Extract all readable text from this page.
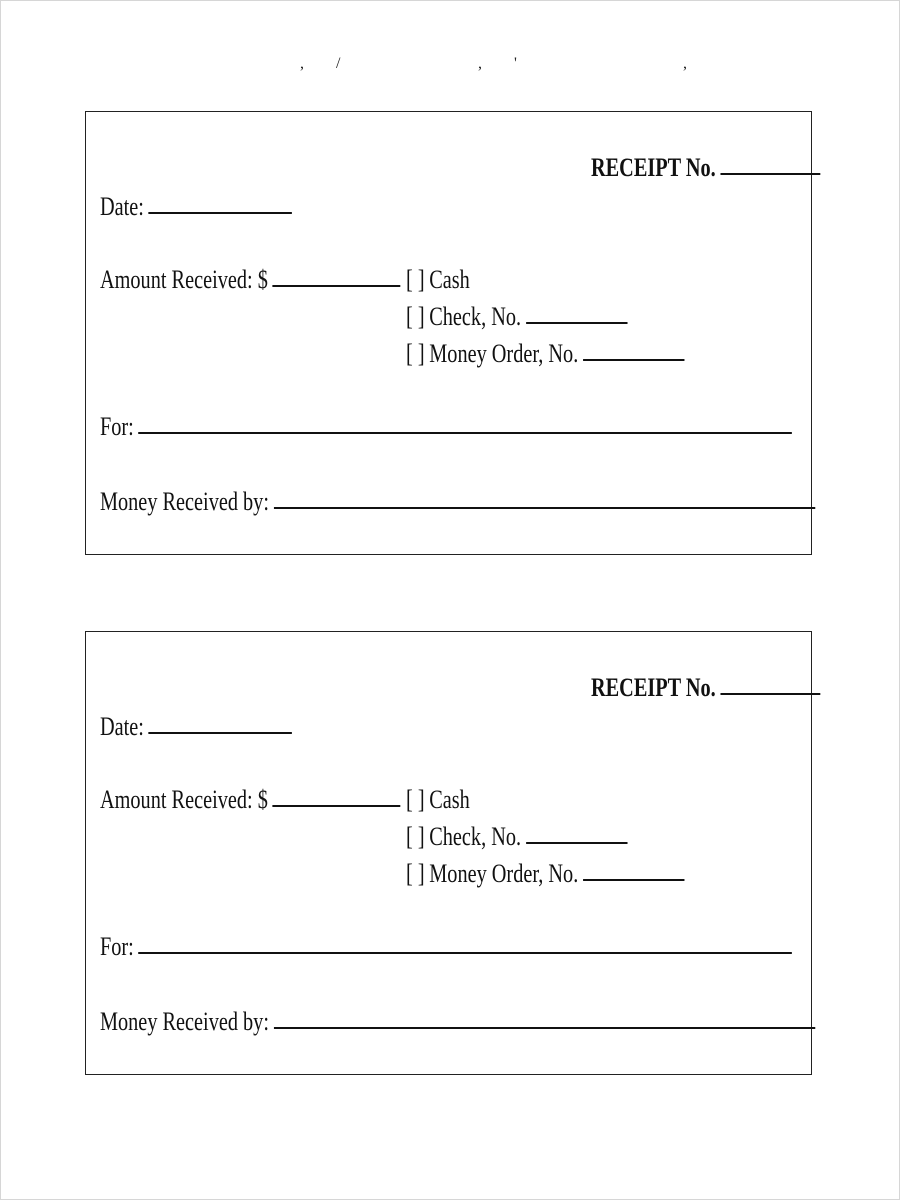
, /	, '	,
RECEIPT No.
Date:
Amount Received: $	[ ] Cash
[ ] Check, No.
[ ] Money Order, No.
For:
Money Received by:
RECEIPT No.
Date:
Amount Received: $	[ ] Cash
[ ] Check, No.
[ ] Money Order, No.
For:
Money Received by:
